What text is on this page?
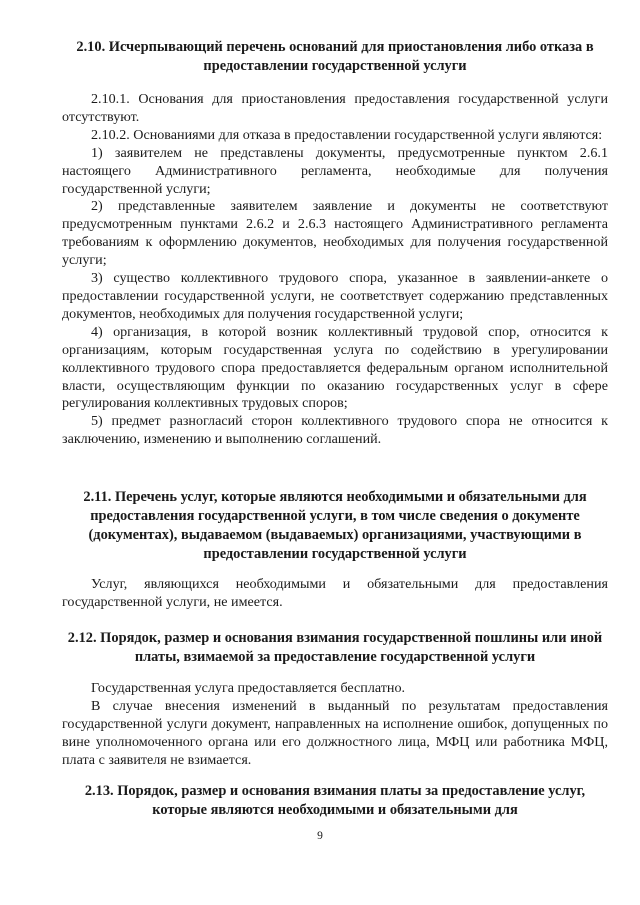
2.10. Исчерпывающий перечень оснований для приостановления либо отказа в предоставлении государственной услуги

2.10.1. Основания для приостановления предоставления государственной услуги отсутствуют.

2.10.2. Основаниями для отказа в предоставлении государственной услуги являются:

1) заявителем не представлены документы, предусмотренные пунктом 2.6.1 настоящего Административного регламента, необходимые для получения государственной услуги;

2) представленные заявителем заявление и документы не соответствуют предусмотренным пунктами 2.6.2 и 2.6.3 настоящего Административного регламента требованиям к оформлению документов, необходимых для получения государственной услуги;

3) существо коллективного трудового спора, указанное в заявлении-анкете о предоставлении государственной услуги, не соответствует содержанию представленных документов, необходимых для получения государственной услуги;

4) организация, в которой возник коллективный трудовой спор, относится к организациям, которым государственная услуга по содействию в урегулировании коллективного трудового спора предоставляется федеральным органом исполнительной власти, осуществляющим функции по оказанию государственных услуг в сфере регулирования коллективных трудовых споров;

5) предмет разногласий сторон коллективного трудового спора не относится к заключению, изменению и выполнению соглашений.

2.11. Перечень услуг, которые являются необходимыми и обязательными для предоставления государственной услуги, в том числе сведения о документе (документах), выдаваемом (выдаваемых) организациями, участвующими в предоставлении государственной услуги

Услуг, являющихся необходимыми и обязательными для предоставления государственной услуги, не имеется.

2.12. Порядок, размер и основания взимания государственной пошлины или иной платы, взимаемой за предоставление государственной услуги

Государственная услуга предоставляется бесплатно.

В случае внесения изменений в выданный по результатам предоставления государственной услуги документ, направленных на исполнение ошибок, допущенных по вине уполномоченного органа или его должностного лица, МФЦ или работника МФЦ, плата с заявителя не взимается.

2.13. Порядок, размер и основания взимания платы за предоставление услуг, которые являются необходимыми и обязательными для
9
